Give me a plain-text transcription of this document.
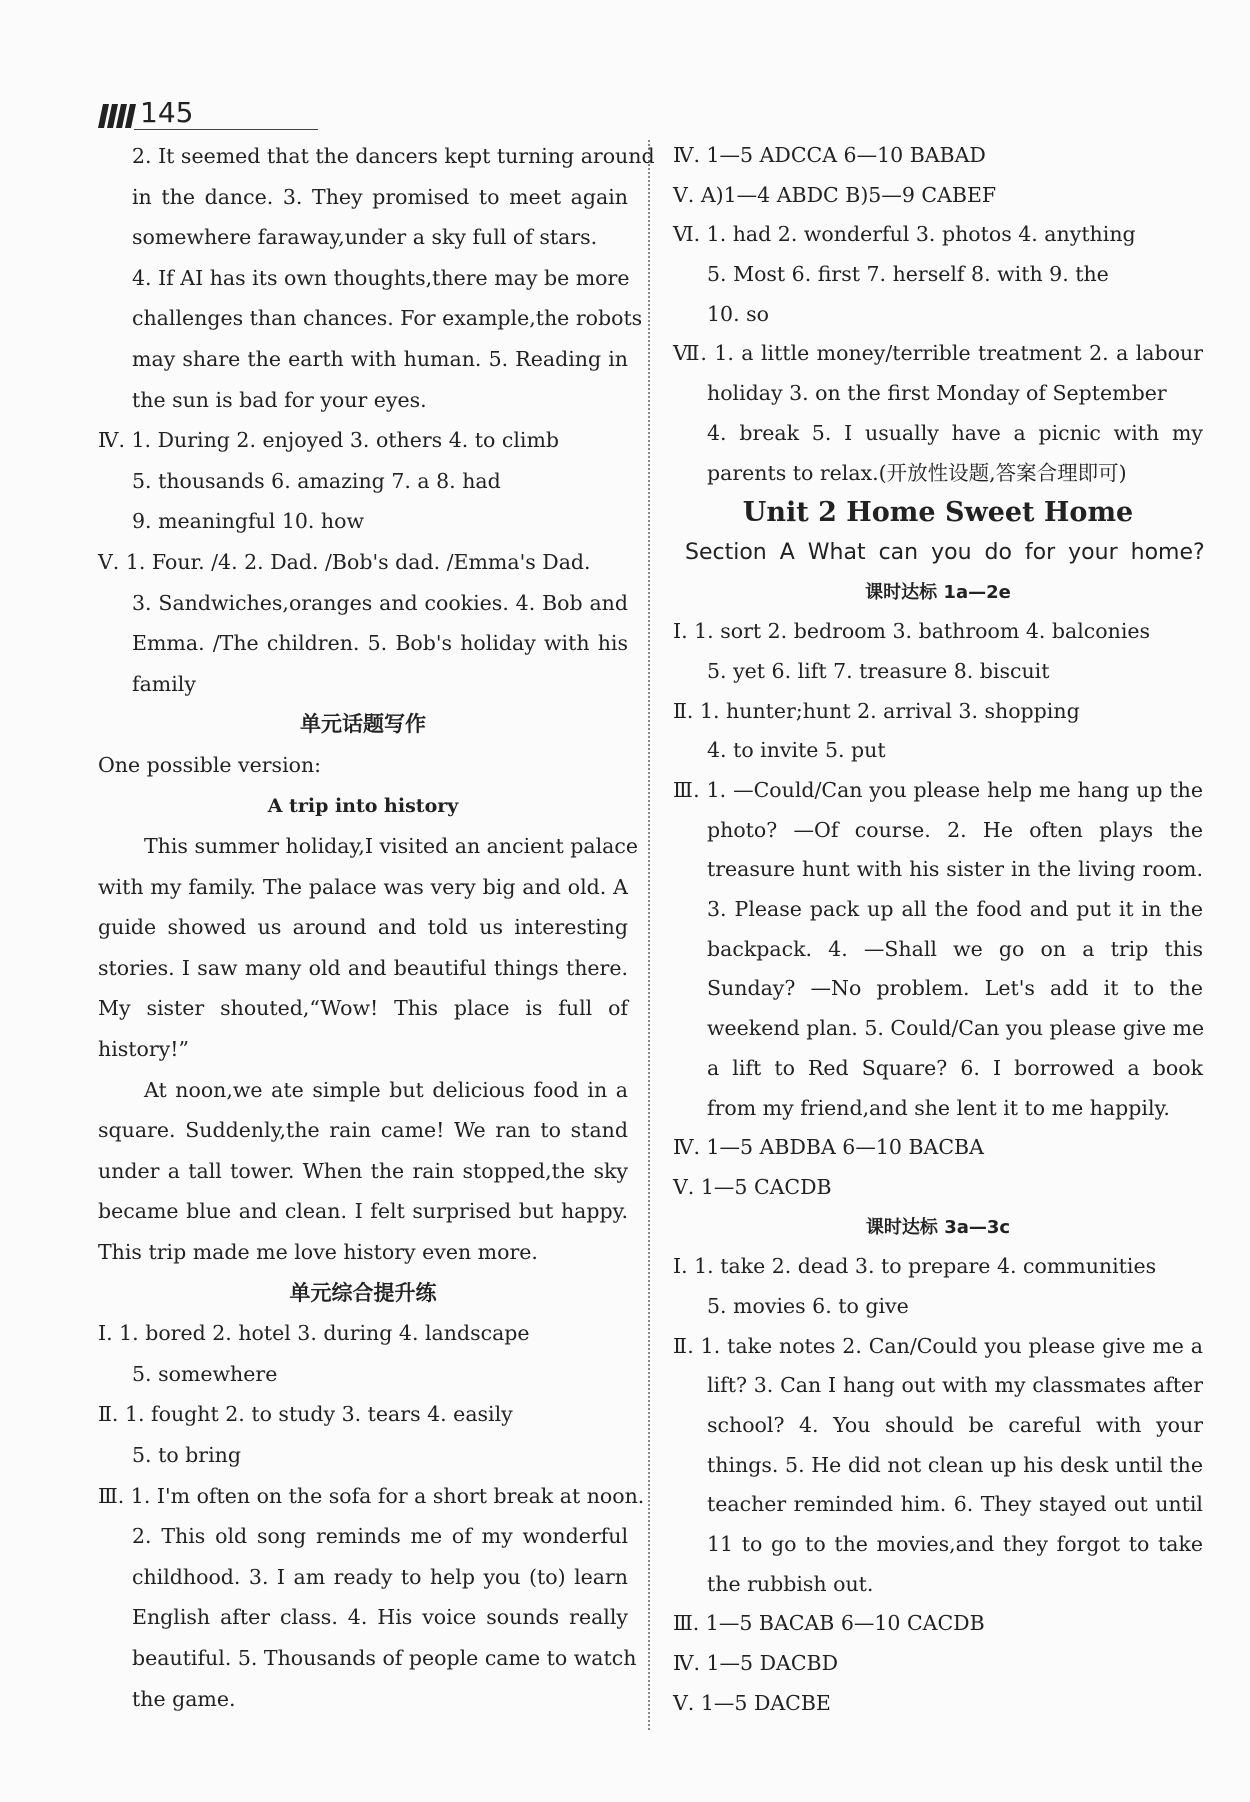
145
2. It seemed that the dancers kept turning around
in the dance. 3. They promised to meet again
somewhere faraway,under a sky full of stars.
4. If AI has its own thoughts,there may be more
challenges than chances. For example,the robots
may share the earth with human. 5. Reading in
the sun is bad for your eyes.
Ⅳ. 1. During 2. enjoyed 3. others 4. to climb
5. thousands 6. amazing 7. a 8. had
9. meaningful 10. how
Ⅴ. 1. Four. /4. 2. Dad. /Bob's dad. /Emma's Dad.
3. Sandwiches,oranges and cookies. 4. Bob and
Emma. /The children. 5. Bob's holiday with his
family
单元话题写作
One possible version:
A trip into history
This summer holiday,I visited an ancient palace
with my family. The palace was very big and old. A
guide showed us around and told us interesting
stories. I saw many old and beautiful things there.
My sister shouted,“Wow! This place is full of
history!”
At noon,we ate simple but delicious food in a
square. Suddenly,the rain came! We ran to stand
under a tall tower. When the rain stopped,the sky
became blue and clean. I felt surprised but happy.
This trip made me love history even more.
单元综合提升练
Ⅰ. 1. bored 2. hotel 3. during 4. landscape
5. somewhere
Ⅱ. 1. fought 2. to study 3. tears 4. easily
5. to bring
Ⅲ. 1. I'm often on the sofa for a short break at noon.
2. This old song reminds me of my wonderful
childhood. 3. I am ready to help you (to) learn
English after class. 4. His voice sounds really
beautiful. 5. Thousands of people came to watch
the game.
Ⅳ. 1—5 ADCCA 6—10 BABAD
Ⅴ. A)1—4 ABDC B)5—9 CABEF
Ⅵ. 1. had 2. wonderful 3. photos 4. anything
5. Most 6. first 7. herself 8. with 9. the
10. so
Ⅶ. 1. a little money/terrible treatment 2. a labour
holiday 3. on the first Monday of September
4. break 5. I usually have a picnic with my
parents to relax.(开放性设题,答案合理即可)
Unit 2 Home Sweet Home
Section A What can you do for your home?
课时达标 1a—2e
Ⅰ. 1. sort 2. bedroom 3. bathroom 4. balconies
5. yet 6. lift 7. treasure 8. biscuit
Ⅱ. 1. hunter;hunt 2. arrival 3. shopping
4. to invite 5. put
Ⅲ. 1. —Could/Can you please help me hang up the
photo? —Of course. 2. He often plays the
treasure hunt with his sister in the living room.
3. Please pack up all the food and put it in the
backpack. 4. —Shall we go on a trip this
Sunday? —No problem. Let's add it to the
weekend plan. 5. Could/Can you please give me
a lift to Red Square? 6. I borrowed a book
from my friend,and she lent it to me happily.
Ⅳ. 1—5 ABDBA 6—10 BACBA
Ⅴ. 1—5 CACDB
课时达标 3a—3c
Ⅰ. 1. take 2. dead 3. to prepare 4. communities
5. movies 6. to give
Ⅱ. 1. take notes 2. Can/Could you please give me a
lift? 3. Can I hang out with my classmates after
school? 4. You should be careful with your
things. 5. He did not clean up his desk until the
teacher reminded him. 6. They stayed out until
11 to go to the movies,and they forgot to take
the rubbish out.
Ⅲ. 1—5 BACAB 6—10 CACDB
Ⅳ. 1—5 DACBD
Ⅴ. 1—5 DACBE
